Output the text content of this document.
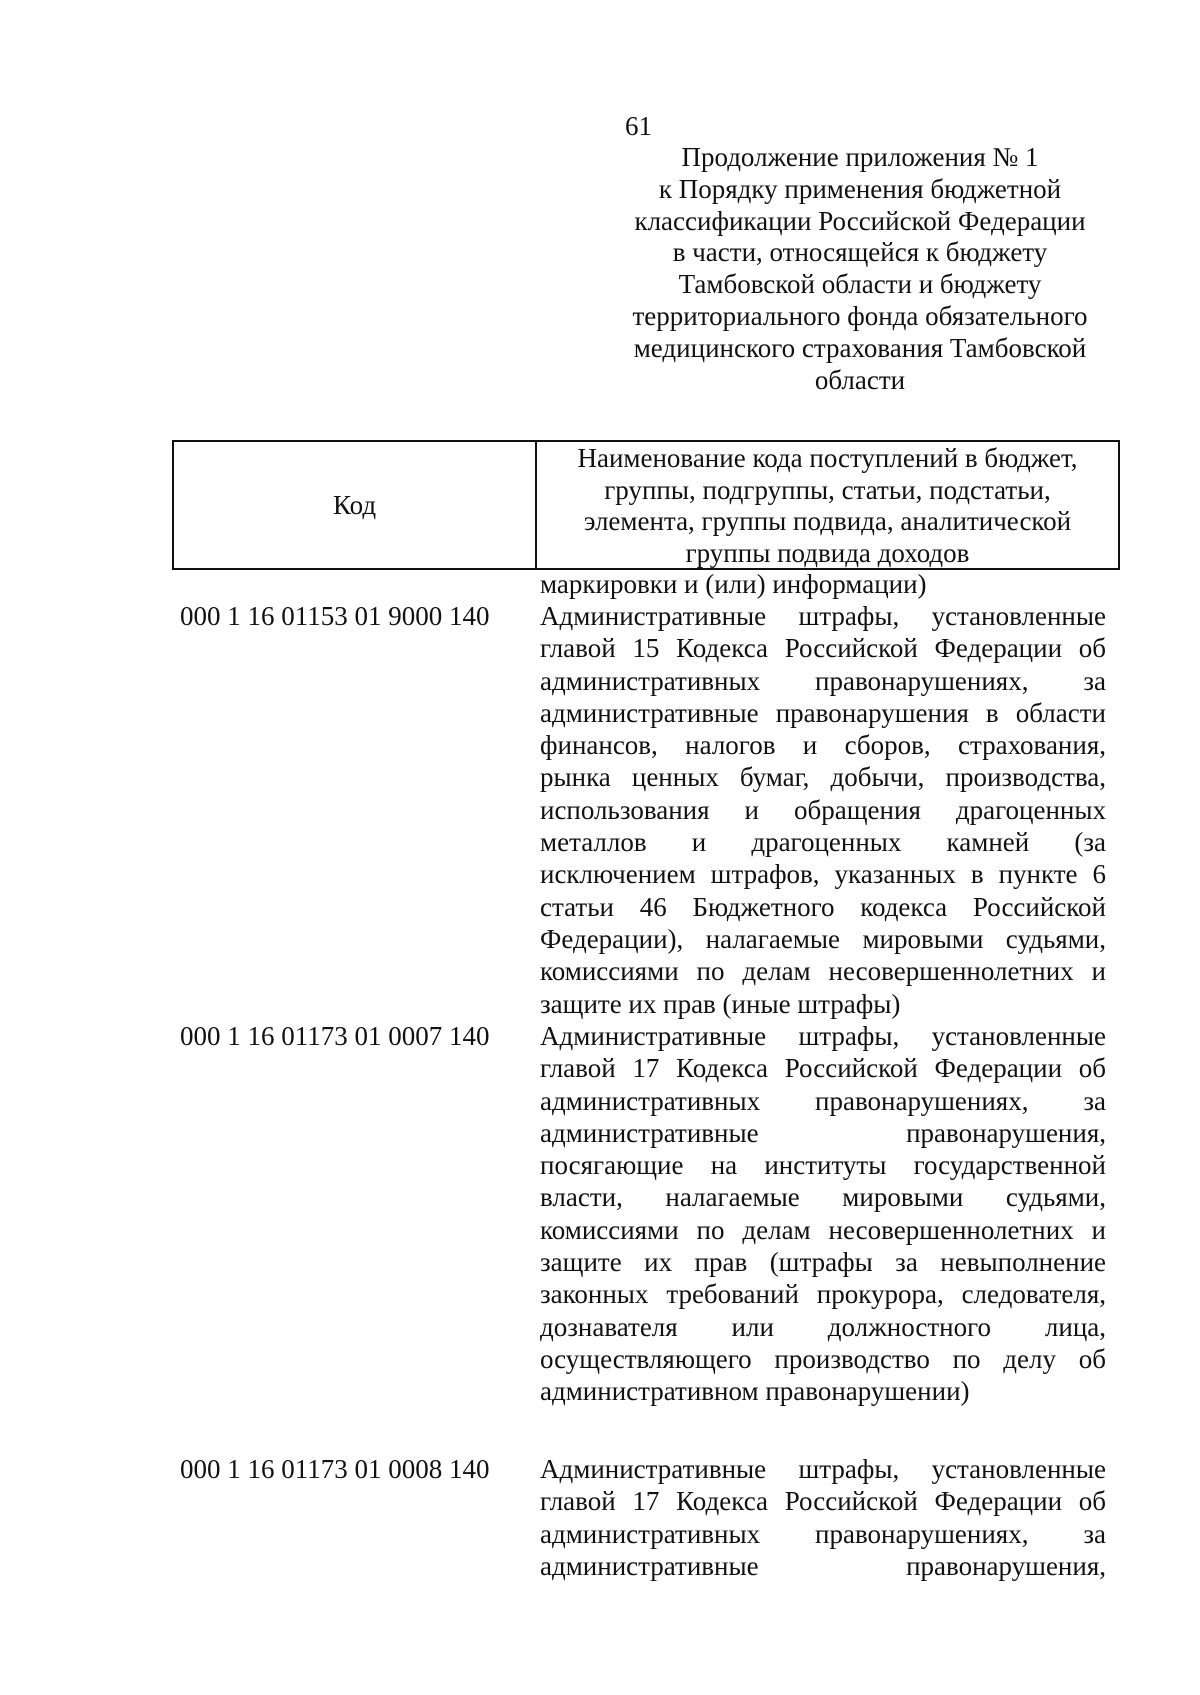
61
Продолжение приложения № 1
к Порядку применения бюджетной
классификации Российской Федерации
в части, относящейся к бюджету
Тамбовской области и бюджету
территориального фонда обязательного
медицинского страхования Тамбовской
области
Код
Наименование кода поступлений в бюджет,
группы, подгруппы, статьи, подстатьи,
элемента, группы подвида, аналитической
группы подвида доходов
маркировки и (или) информации)
000 1 16 01153 01 9000 140 Административные штрафы, установленные
главой 15 Кодекса Российской Федерации об
административных правонарушениях, за
административные правонарушения в области
финансов, налогов и сборов, страхования,
рынка ценных бумаг, добычи, производства,
использования и обращения драгоценных
металлов и драгоценных камней (за
исключением штрафов, указанных в пункте 6
статьи 46 Бюджетного кодекса Российской
Федерации), налагаемые мировыми судьями,
комиссиями по делам несовершеннолетних и
защите их прав (иные штрафы)
000 1 16 01173 01 0007 140 Административные штрафы, установленные
главой 17 Кодекса Российской Федерации об
административных правонарушениях, за
административные правонарушения,
посягающие на институты государственной
власти, налагаемые мировыми судьями,
комиссиями по делам несовершеннолетних и
защите их прав (штрафы за невыполнение
законных требований прокурора, следователя,
дознавателя или должностного лица,
осуществляющего производство по делу об
административном правонарушении)
000 1 16 01173 01 0008 140 Административные штрафы, установленные
главой 17 Кодекса Российской Федерации об
административных правонарушениях, за
административные правонарушения,
